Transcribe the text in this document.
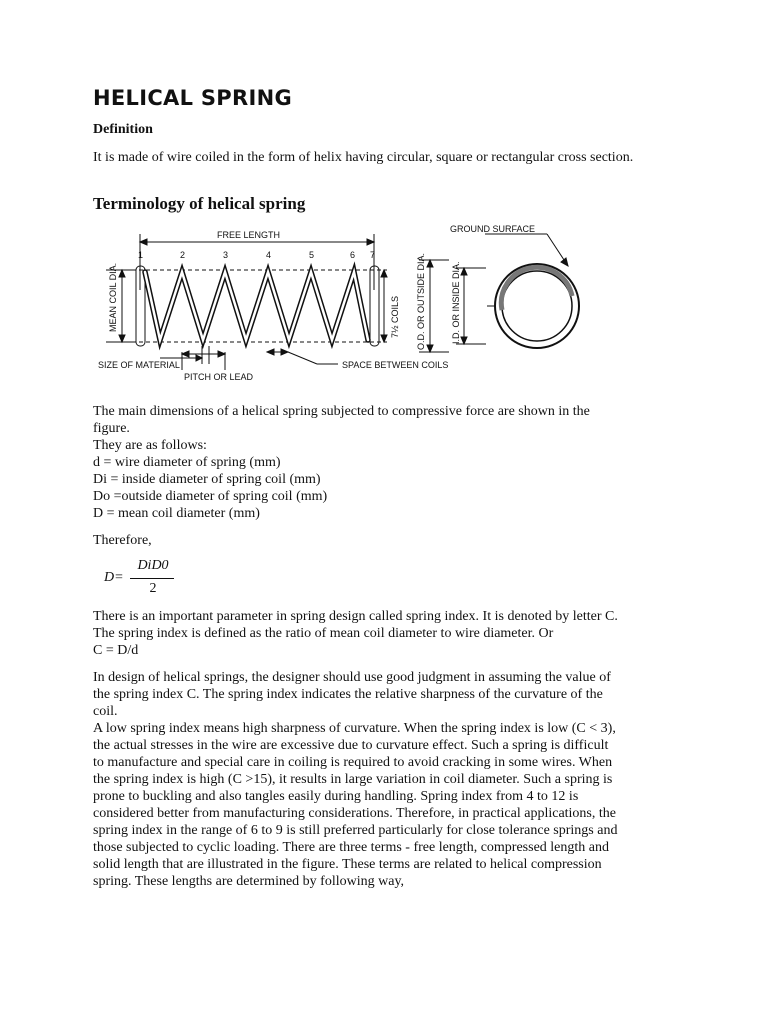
HELICAL SPRING
Definition

It is made of wire coiled in the form of helix having circular, square or rectangular cross section.

Terminology of helical spring
FREE LENGTH
1	2	3	4	5	6 7
MEAN COIL DIA.	7½ COILS
SIZE OF MATERIAL
PITCH OR LEAD
SPACE BETWEEN COILS
GROUND SURFACE
O.D. OR OUTSIDE DIA.	I.D. OR INSIDE DIA.

The main dimensions of a helical spring subjected to compressive force are shown in the
figure.
They are as follows:
d = wire diameter of spring (mm)
Di = inside diameter of spring coil (mm)
Do =outside diameter of spring coil (mm)
D = mean coil diameter (mm)

Therefore,

D=
DiD0
2

There is an important parameter in spring design called spring index. It is denoted by letter C.
The spring index is defined as the ratio of mean coil diameter to wire diameter. Or
C = D/d

In design of helical springs, the designer should use good judgment in assuming the value of
the spring index C. The spring index indicates the relative sharpness of the curvature of the
coil.
A low spring index means high sharpness of curvature. When the spring index is low (C < 3),
the actual stresses in the wire are excessive due to curvature effect. Such a spring is difficult
to manufacture and special care in coiling is required to avoid cracking in some wires. When
the spring index is high (C >15), it results in large variation in coil diameter. Such a spring is
prone to buckling and also tangles easily during handling. Spring index from 4 to 12 is
considered better from manufacturing considerations. Therefore, in practical applications, the
spring index in the range of 6 to 9 is still preferred particularly for close tolerance springs and
those subjected to cyclic loading. There are three terms - free length, compressed length and
solid length that are illustrated in the figure. These terms are related to helical compression
spring. These lengths are determined by following way,
